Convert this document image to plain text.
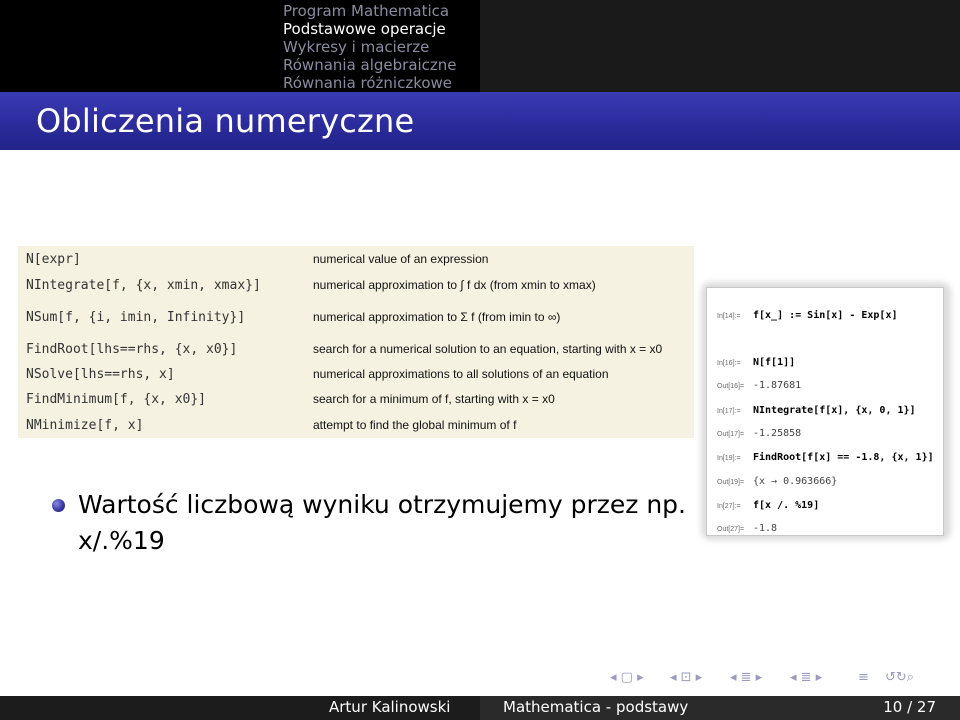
Program Mathematica
Podstawowe operacje
Wykresy i macierze
Równania algebraiczne
Równania różniczkowe
Obliczenia numeryczne
N[expr]	numerical value of an expression
NIntegrate[f, {x, xmin, xmax}]	numerical approximation to ∫ f dx (from xmin to xmax)
NSum[f, {i, imin, Infinity}]	numerical approximation to Σ f (from imin to ∞)
FindRoot[lhs==rhs, {x, x0}]	search for a numerical solution to an equation, starting with x = x0
NSolve[lhs==rhs, x]	numerical approximations to all solutions of an equation
FindMinimum[f, {x, x0}]	search for a minimum of f, starting with x = x0
NMinimize[f, x]	attempt to find the global minimum of f
Wartość liczbową wyniku otrzymujemy przez np. x/.%19
In[14]:= f[x_] := Sin[x] - Exp[x]
In[16]:= N[f[1]]
Out[16]= -1.87681
In[17]:= NIntegrate[f[x], {x, 0, 1}]
Out[17]= -1.25858
In[19]:= FindRoot[f[x] == -1.8, {x, 1}]
Out[19]= {x → 0.963666}
In[27]:= f[x /. %19]
Out[27]= -1.8
◂ ▢ ▸ ◂ ⊡ ▸ ◂ ≣ ▸ ◂ ≣ ▸	≡ ↺↻⌕
Artur Kalinowski	Mathematica - podstawy	10 / 27
